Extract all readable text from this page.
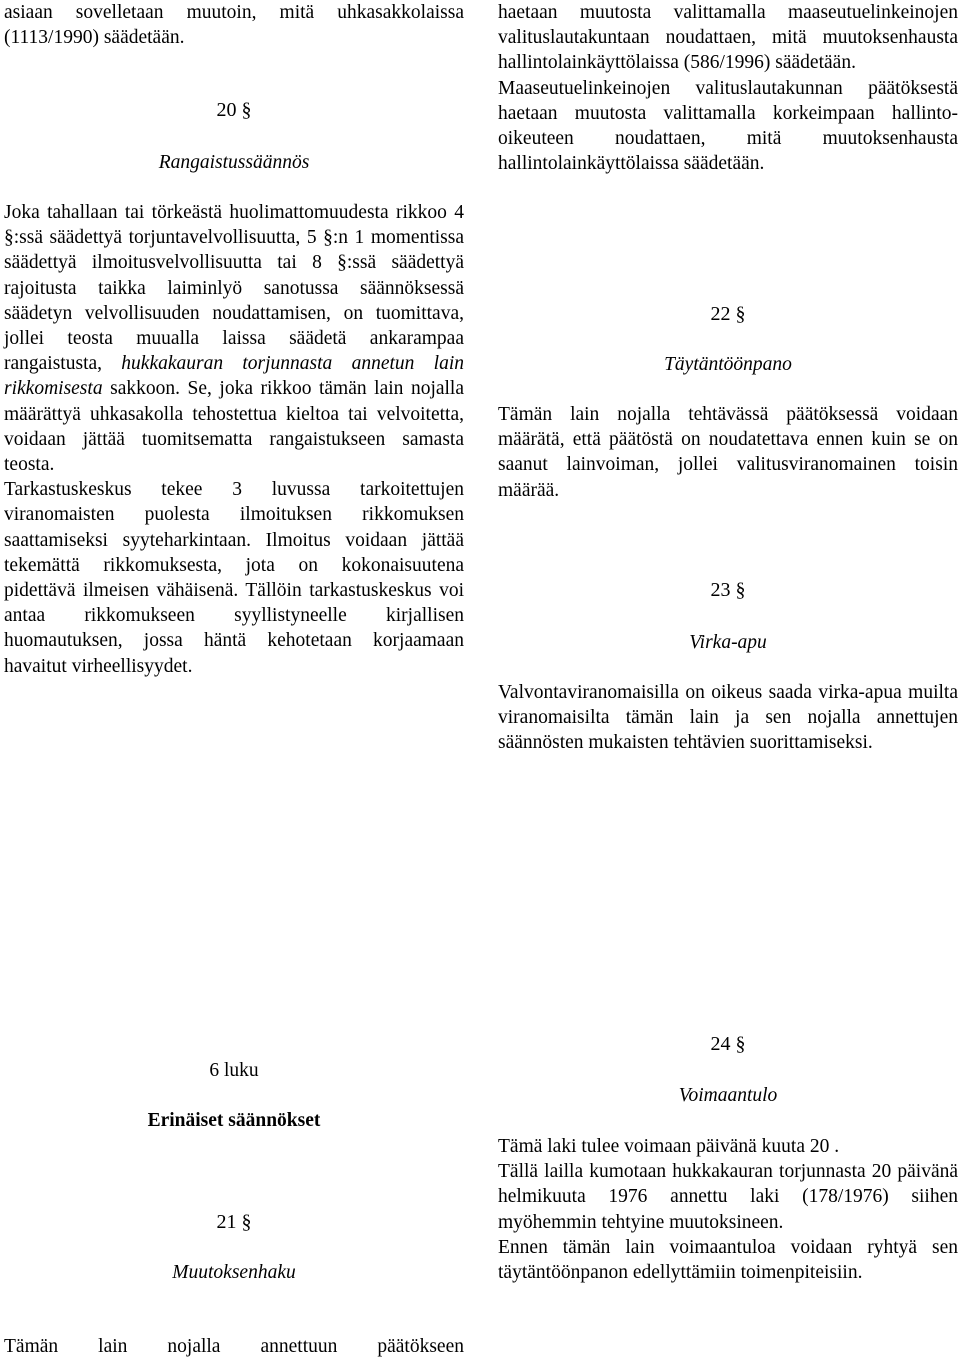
asiaan sovelletaan muutoin, mitä uhkasakkolaissa (1113/1990) säädetään.

20 §

Rangaistussäännös

Joka tahallaan tai törkeästä huolimattomuudesta rikkoo 4 §:ssä säädettyä torjuntavelvollisuutta, 5 §:n 1 momentissa säädettyä ilmoitusvelvollisuutta tai 8 §:ssä säädettyä rajoitusta taikka laiminlyö sanotussa säännöksessä säädetyn velvollisuuden noudattamisen, on tuomittava, jollei teosta muualla laissa säädetä ankarampaa rangaistusta, hukkakauran torjunnasta annetun lain rikkomisesta sakkoon. Se, joka rikkoo tämän lain nojalla määrättyä uhkasakolla tehostettua kieltoa tai velvoitetta, voidaan jättää tuomitsematta rangaistukseen samasta teosta.

Tarkastuskeskus tekee 3 luvussa tarkoitettujen viranomaisten puolesta ilmoituksen rikkomuksen saattamiseksi syyteharkintaan. Ilmoitus voidaan jättää tekemättä rikkomuksesta, jota on kokonaisuutena pidettävä ilmeisen vähäisenä. Tällöin tarkastuskeskus voi antaa rikkomukseen syyllistyneelle kirjallisen huomautuksen, jossa häntä kehotetaan korjaamaan havaitut virheellisyydet.

6 luku

Erinäiset säännökset

21 §

Muutoksenhaku

Tämän lain nojalla annettuun päätökseen

haetaan muutosta valittamalla maaseutuelinkeinojen valituslautakuntaan noudattaen, mitä muutoksenhausta hallintolainkäyttölaissa (586/1996) säädetään.

Maaseutuelinkeinojen valituslautakunnan päätöksestä haetaan muutosta valittamalla korkeimpaan hallinto-oikeuteen noudattaen, mitä muutoksenhausta hallintolainkäyttölaissa säädetään.

22 §

Täytäntöönpano

Tämän lain nojalla tehtävässä päätöksessä voidaan määrätä, että päätöstä on noudatettava ennen kuin se on saanut lainvoiman, jollei valitusviranomainen toisin määrää.

23 §

Virka-apu

Valvontaviranomaisilla on oikeus saada virka-apua muilta viranomaisilta tämän lain ja sen nojalla annettujen säännösten mukaisten tehtävien suorittamiseksi.

24 §

Voimaantulo

Tämä laki tulee voimaan päivänä kuuta 20 .

Tällä lailla kumotaan hukkakauran torjunnasta 20 päivänä helmikuuta 1976 annettu laki (178/1976) siihen myöhemmin tehtyine muutoksineen.

Ennen tämän lain voimaantuloa voidaan ryhtyä sen täytäntöönpanon edellyttämiin toimenpiteisiin.
